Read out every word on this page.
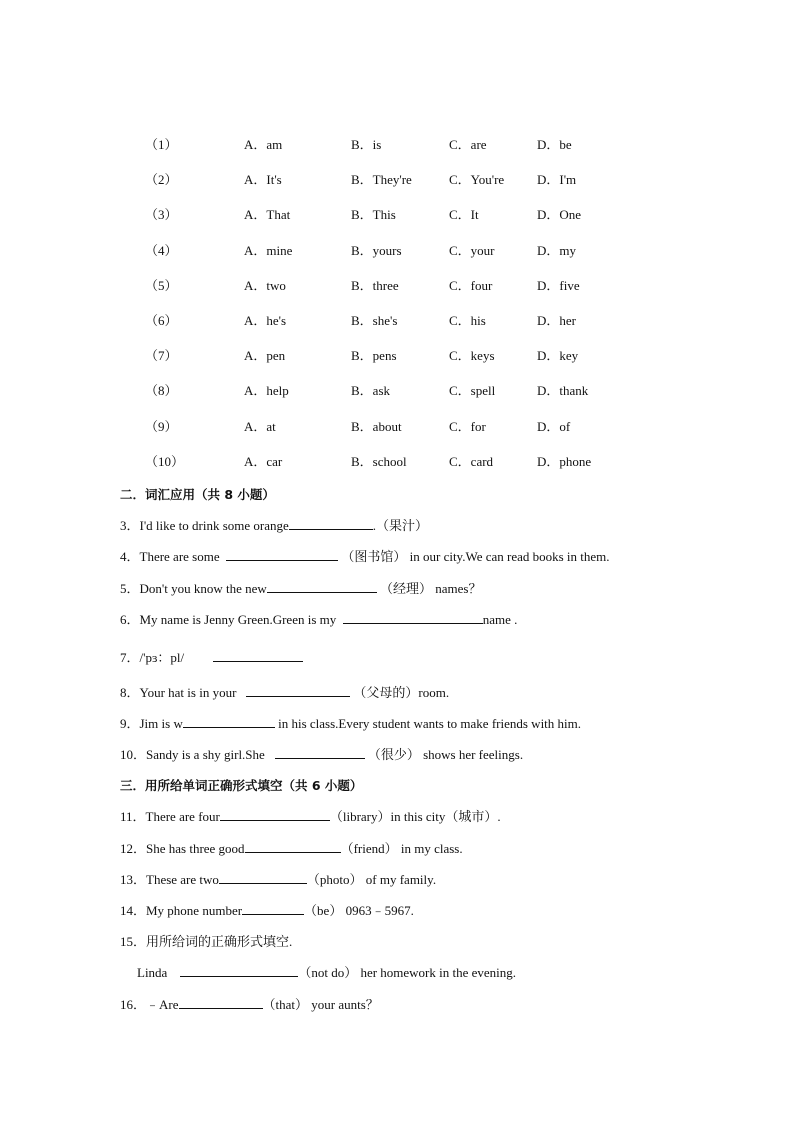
（1）	A．am	B．is	C．are	D．be
（2）	A．It's	B．They're	C．You're	D．I'm
（3）	A．That	B．This	C．It	D．One
（4）	A．mine	B．yours	C．your	D．my
（5）	A．two	B．three	C．four	D．five
（6）	A．he's	B．she's	C．his	D．her
（7）	A．pen	B．pens	C．keys	D．key
（8）	A．help	B．ask	C．spell	D．thank
（9）	A．at	B．about	C．for	D．of
（10）	A．car	B．school	C．card	D．phone
二．词汇应用（共 8 小题）
3．I'd like to drink some orange	.（果汁）
4．There are some	（图书馆） in our city.We can read books in them.
5．Don't you know the new	（经理） names？
6．My name is Jenny Green.Green is my	name .
7．/'pɜ：pl/
8．Your hat is in your	（父母的）room.
9．Jim is w	in his class.Every student wants to make friends with him.
10．Sandy is a shy girl.She	（很少） shows her feelings.
三．用所给单词正确形式填空（共 6 小题）
11．There are four	（library）in this city（城市）.
12．She has three good	（friend） in my class.
13．These are two	（photo） of my family.
14．My phone number	（be） 0963﹣5967.
15．用所给词的正确形式填空.
Linda	（not do） her homework in the evening.
16．﹣Are	（that） your aunts？
